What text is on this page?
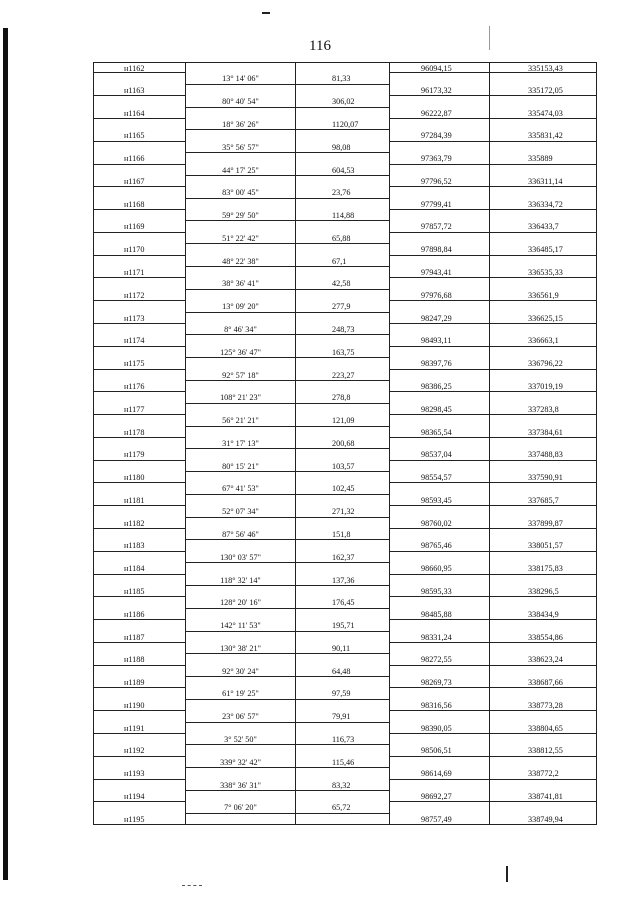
116
н1162	96094,15	335153,43
13° 14' 06"	81,33
н1163	96173,32	335172,05
80° 40' 54"	306,02
н1164	96222,87	335474,03
18° 36' 26"	1120,07
н1165	97284,39	335831,42
35° 56' 57"	98,08
н1166	97363,79	335889
44° 17' 25"	604,53
н1167	97796,52	336311,14
83° 00' 45"	23,76
н1168	97799,41	336334,72
59° 29' 50"	114,88
н1169	97857,72	336433,7
51° 22' 42"	65,88
н1170	97898,84	336485,17
48° 22' 38"	67,1
н1171	97943,41	336535,33
38° 36' 41"	42,58
н1172	97976,68	336561,9
13° 09' 20"	277,9
н1173	98247,29	336625,15
8° 46' 34"	248,73
н1174	98493,11	336663,1
125° 36' 47"	163,75
н1175	98397,76	336796,22
92° 57' 18"	223,27
н1176	98386,25	337019,19
108° 21' 23"	278,8
н1177	98298,45	337283,8
56° 21' 21"	121,09
н1178	98365,54	337384,61
31° 17' 13"	200,68
н1179	98537,04	337488,83
80° 15' 21"	103,57
н1180	98554,57	337590,91
67° 41' 53"	102,45
н1181	98593,45	337685,7
52° 07' 34"	271,32
н1182	98760,02	337899,87
87° 56' 46"	151,8
н1183	98765,46	338051,57
130° 03' 57"	162,37
н1184	98660,95	338175,83
118° 32' 14"	137,36
н1185	98595,33	338296,5
128° 20' 16"	176,45
н1186	98485,88	338434,9
142° 11' 53"	195,71
н1187	98331,24	338554,86
130° 38' 21"	90,11
н1188	98272,55	338623,24
92° 30' 24"	64,48
н1189	98269,73	338687,66
61° 19' 25"	97,59
н1190	98316,56	338773,28
23° 06' 57"	79,91
н1191	98390,05	338804,65
3° 52' 50"	116,73
н1192	98506,51	338812,55
339° 32' 42"	115,46
н1193	98614,69	338772,2
338° 36' 31"	83,32
н1194	98692,27	338741,81
7° 06' 20"	65,72
н1195	98757,49	338749,94
